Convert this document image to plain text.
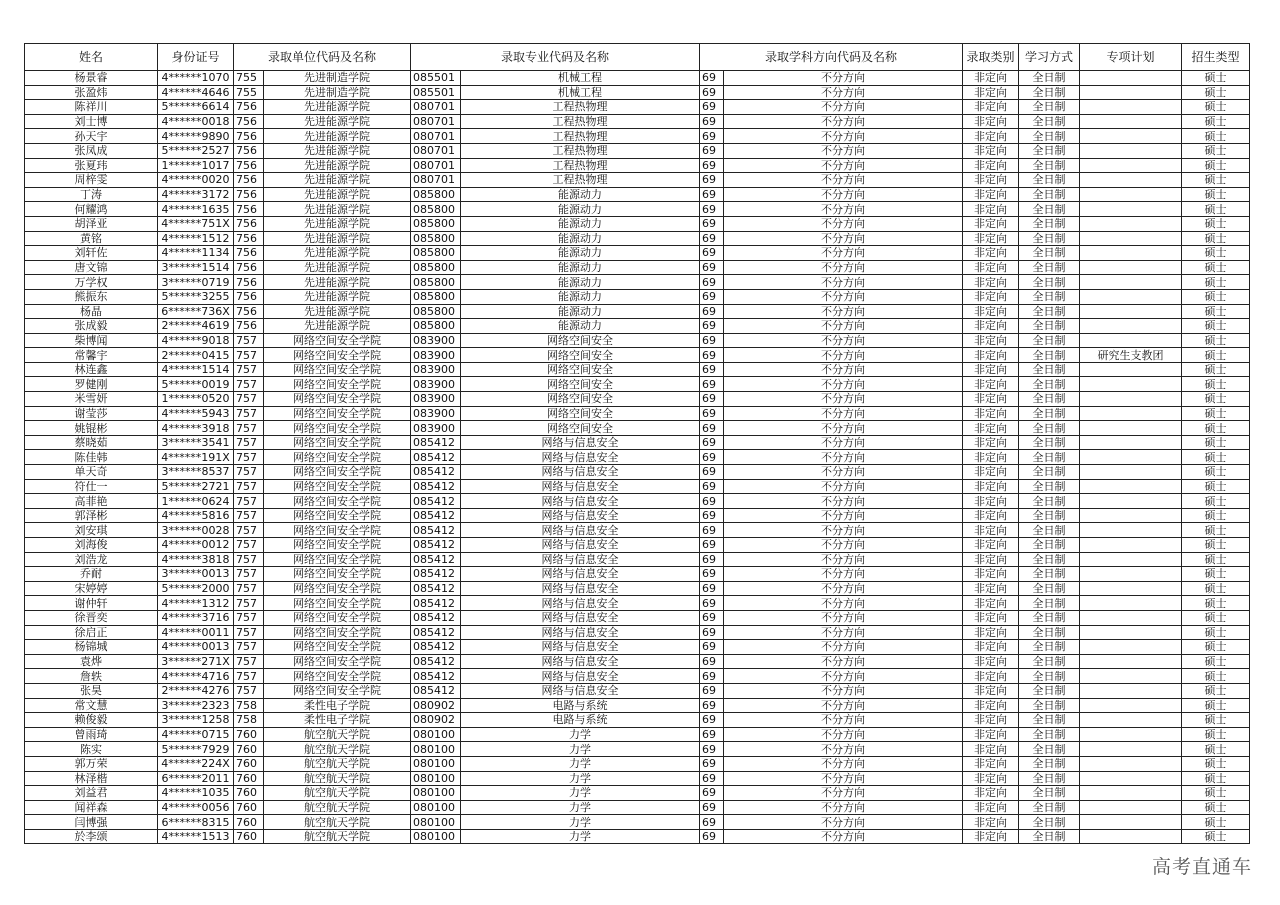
姓名	身份证号	录取单位代码及名称		录取专业代码及名称		录取学科方向代码及名称		录取类别	学习方式	专项计划	招生类型
杨景睿	4******1070	755	先进制造学院	085501	机械工程	69	不分方向	非定向	全日制		硕士
张盈炜	4******4646	755	先进制造学院	085501	机械工程	69	不分方向	非定向	全日制		硕士
陈祥川	5******6614	756	先进能源学院	080701	工程热物理	69	不分方向	非定向	全日制		硕士
刘士博	4******0018	756	先进能源学院	080701	工程热物理	69	不分方向	非定向	全日制		硕士
孙天宇	4******9890	756	先进能源学院	080701	工程热物理	69	不分方向	非定向	全日制		硕士
张凤成	5******2527	756	先进能源学院	080701	工程热物理	69	不分方向	非定向	全日制		硕士
张夏玮	1******1017	756	先进能源学院	080701	工程热物理	69	不分方向	非定向	全日制		硕士
周梓雯	4******0020	756	先进能源学院	080701	工程热物理	69	不分方向	非定向	全日制		硕士
丁涛	4******3172	756	先进能源学院	085800	能源动力	69	不分方向	非定向	全日制		硕士
何耀鸿	4******1635	756	先进能源学院	085800	能源动力	69	不分方向	非定向	全日制		硕士
胡泽亚	4******751X	756	先进能源学院	085800	能源动力	69	不分方向	非定向	全日制		硕士
黄铭	4******1512	756	先进能源学院	085800	能源动力	69	不分方向	非定向	全日制		硕士
刘轩佐	4******1134	756	先进能源学院	085800	能源动力	69	不分方向	非定向	全日制		硕士
唐文锦	3******1514	756	先进能源学院	085800	能源动力	69	不分方向	非定向	全日制		硕士
万学权	3******0719	756	先进能源学院	085800	能源动力	69	不分方向	非定向	全日制		硕士
熊振东	5******3255	756	先进能源学院	085800	能源动力	69	不分方向	非定向	全日制		硕士
杨晶	6******736X	756	先进能源学院	085800	能源动力	69	不分方向	非定向	全日制		硕士
张成毅	2******4619	756	先进能源学院	085800	能源动力	69	不分方向	非定向	全日制		硕士
柴博闻	4******9018	757	网络空间安全学院	083900	网络空间安全	69	不分方向	非定向	全日制		硕士
常馨宇	2******0415	757	网络空间安全学院	083900	网络空间安全	69	不分方向	非定向	全日制	研究生支教团	硕士
林连鑫	4******1514	757	网络空间安全学院	083900	网络空间安全	69	不分方向	非定向	全日制		硕士
罗健刚	5******0019	757	网络空间安全学院	083900	网络空间安全	69	不分方向	非定向	全日制		硕士
米雪妍	1******0520	757	网络空间安全学院	083900	网络空间安全	69	不分方向	非定向	全日制		硕士
谢莹莎	4******5943	757	网络空间安全学院	083900	网络空间安全	69	不分方向	非定向	全日制		硕士
姚锟彬	4******3918	757	网络空间安全学院	083900	网络空间安全	69	不分方向	非定向	全日制		硕士
蔡晓茹	3******3541	757	网络空间安全学院	085412	网络与信息安全	69	不分方向	非定向	全日制		硕士
陈佳韩	4******191X	757	网络空间安全学院	085412	网络与信息安全	69	不分方向	非定向	全日制		硕士
单天奇	3******8537	757	网络空间安全学院	085412	网络与信息安全	69	不分方向	非定向	全日制		硕士
符仕一	5******2721	757	网络空间安全学院	085412	网络与信息安全	69	不分方向	非定向	全日制		硕士
高菲艳	1******0624	757	网络空间安全学院	085412	网络与信息安全	69	不分方向	非定向	全日制		硕士
郭泽彬	4******5816	757	网络空间安全学院	085412	网络与信息安全	69	不分方向	非定向	全日制		硕士
刘安琪	3******0028	757	网络空间安全学院	085412	网络与信息安全	69	不分方向	非定向	全日制		硕士
刘海俊	4******0012	757	网络空间安全学院	085412	网络与信息安全	69	不分方向	非定向	全日制		硕士
刘浩龙	4******3818	757	网络空间安全学院	085412	网络与信息安全	69	不分方向	非定向	全日制		硕士
乔耐	3******0013	757	网络空间安全学院	085412	网络与信息安全	69	不分方向	非定向	全日制		硕士
宋婷婷	5******2000	757	网络空间安全学院	085412	网络与信息安全	69	不分方向	非定向	全日制		硕士
谢仲轩	4******1312	757	网络空间安全学院	085412	网络与信息安全	69	不分方向	非定向	全日制		硕士
徐晋奕	4******3716	757	网络空间安全学院	085412	网络与信息安全	69	不分方向	非定向	全日制		硕士
徐启正	4******0011	757	网络空间安全学院	085412	网络与信息安全	69	不分方向	非定向	全日制		硕士
杨锦城	4******0013	757	网络空间安全学院	085412	网络与信息安全	69	不分方向	非定向	全日制		硕士
袁烨	3******271X	757	网络空间安全学院	085412	网络与信息安全	69	不分方向	非定向	全日制		硕士
詹轶	4******4716	757	网络空间安全学院	085412	网络与信息安全	69	不分方向	非定向	全日制		硕士
张昊	2******4276	757	网络空间安全学院	085412	网络与信息安全	69	不分方向	非定向	全日制		硕士
常文慧	3******2323	758	柔性电子学院	080902	电路与系统	69	不分方向	非定向	全日制		硕士
赖俊毅	3******1258	758	柔性电子学院	080902	电路与系统	69	不分方向	非定向	全日制		硕士
曾雨琦	4******0715	760	航空航天学院	080100	力学	69	不分方向	非定向	全日制		硕士
陈实	5******7929	760	航空航天学院	080100	力学	69	不分方向	非定向	全日制		硕士
郭万荣	4******224X	760	航空航天学院	080100	力学	69	不分方向	非定向	全日制		硕士
林泽楷	6******2011	760	航空航天学院	080100	力学	69	不分方向	非定向	全日制		硕士
刘益君	4******1035	760	航空航天学院	080100	力学	69	不分方向	非定向	全日制		硕士
闻祥森	4******0056	760	航空航天学院	080100	力学	69	不分方向	非定向	全日制		硕士
闫博强	6******8315	760	航空航天学院	080100	力学	69	不分方向	非定向	全日制		硕士
於李颂	4******1513	760	航空航天学院	080100	力学	69	不分方向	非定向	全日制		硕士
高考直通车
